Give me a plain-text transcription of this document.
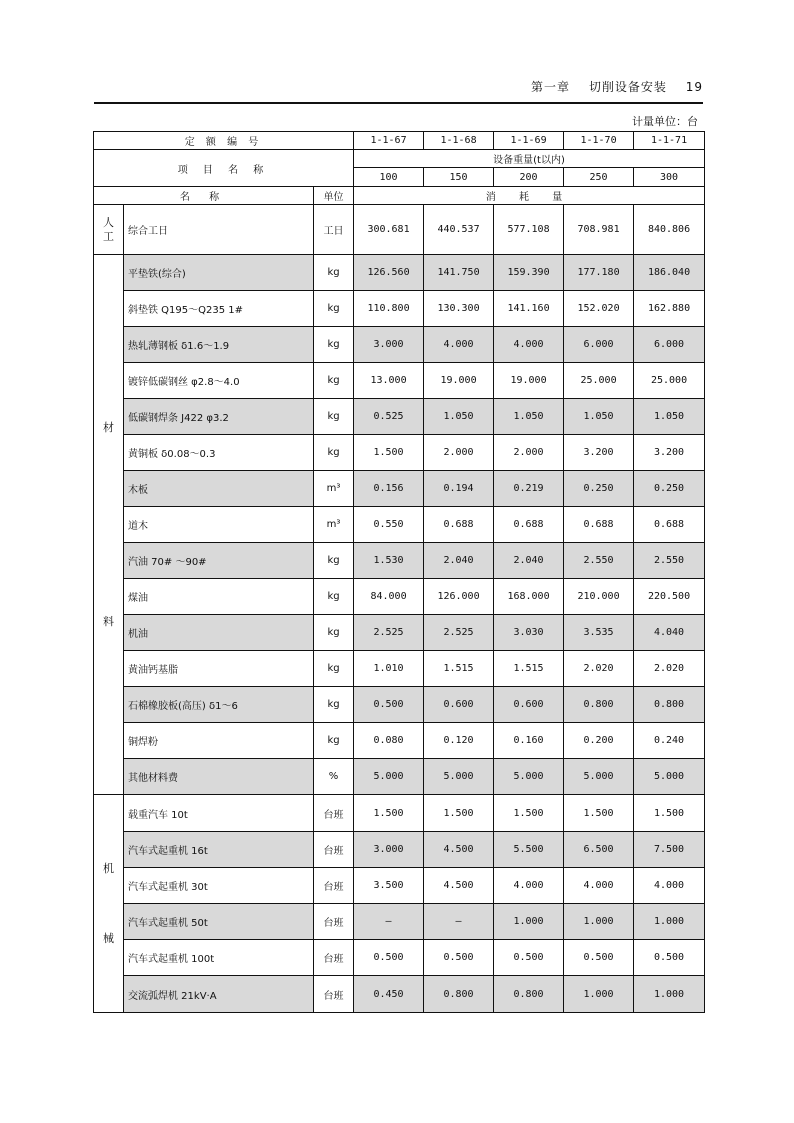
第一章 切削设备安装 19
计量单位：台
定 额 编 号			1-1-67	1-1-68	1-1-69	1-1-70	1-1-71
项 目 名 称			设备重量(t以内)				
			100	150	200	250	300
名 称		单位	消 耗 量				

人
工	综合工日	工日	300.681	440.537	577.108	708.981	840.806

材
料	平垫铁(综合)	kg	126.560	141.750	159.390	177.180	186.040
	斜垫铁 Q195～Q235 1#	kg	110.800	130.300	141.160	152.020	162.880
	热轧薄钢板 δ1.6～1.9	kg	3.000	4.000	4.000	6.000	6.000
	镀锌低碳钢丝 φ2.8～4.0	kg	13.000	19.000	19.000	25.000	25.000
	低碳钢焊条 J422 φ3.2	kg	0.525	1.050	1.050	1.050	1.050
	黄铜板 δ0.08～0.3	kg	1.500	2.000	2.000	3.200	3.200
	木板	m³	0.156	0.194	0.219	0.250	0.250
	道木	m³	0.550	0.688	0.688	0.688	0.688
	汽油 70# ～90#	kg	1.530	2.040	2.040	2.550	2.550
	煤油	kg	84.000	126.000	168.000	210.000	220.500
	机油	kg	2.525	2.525	3.030	3.535	4.040
	黄油钙基脂	kg	1.010	1.515	1.515	2.020	2.020
	石棉橡胶板(高压) δ1～6	kg	0.500	0.600	0.600	0.800	0.800
	铜焊粉	kg	0.080	0.120	0.160	0.200	0.240
	其他材料费	%	5.000	5.000	5.000	5.000	5.000

机
械	载重汽车 10t	台班	1.500	1.500	1.500	1.500	1.500
	汽车式起重机 16t	台班	3.000	4.500	5.500	6.500	7.500
	汽车式起重机 30t	台班	3.500	4.500	4.000	4.000	4.000
	汽车式起重机 50t	台班	—	—	1.000	1.000	1.000
	汽车式起重机 100t	台班	0.500	0.500	0.500	0.500	0.500
	交流弧焊机 21kV·A	台班	0.450	0.800	0.800	1.000	1.000
